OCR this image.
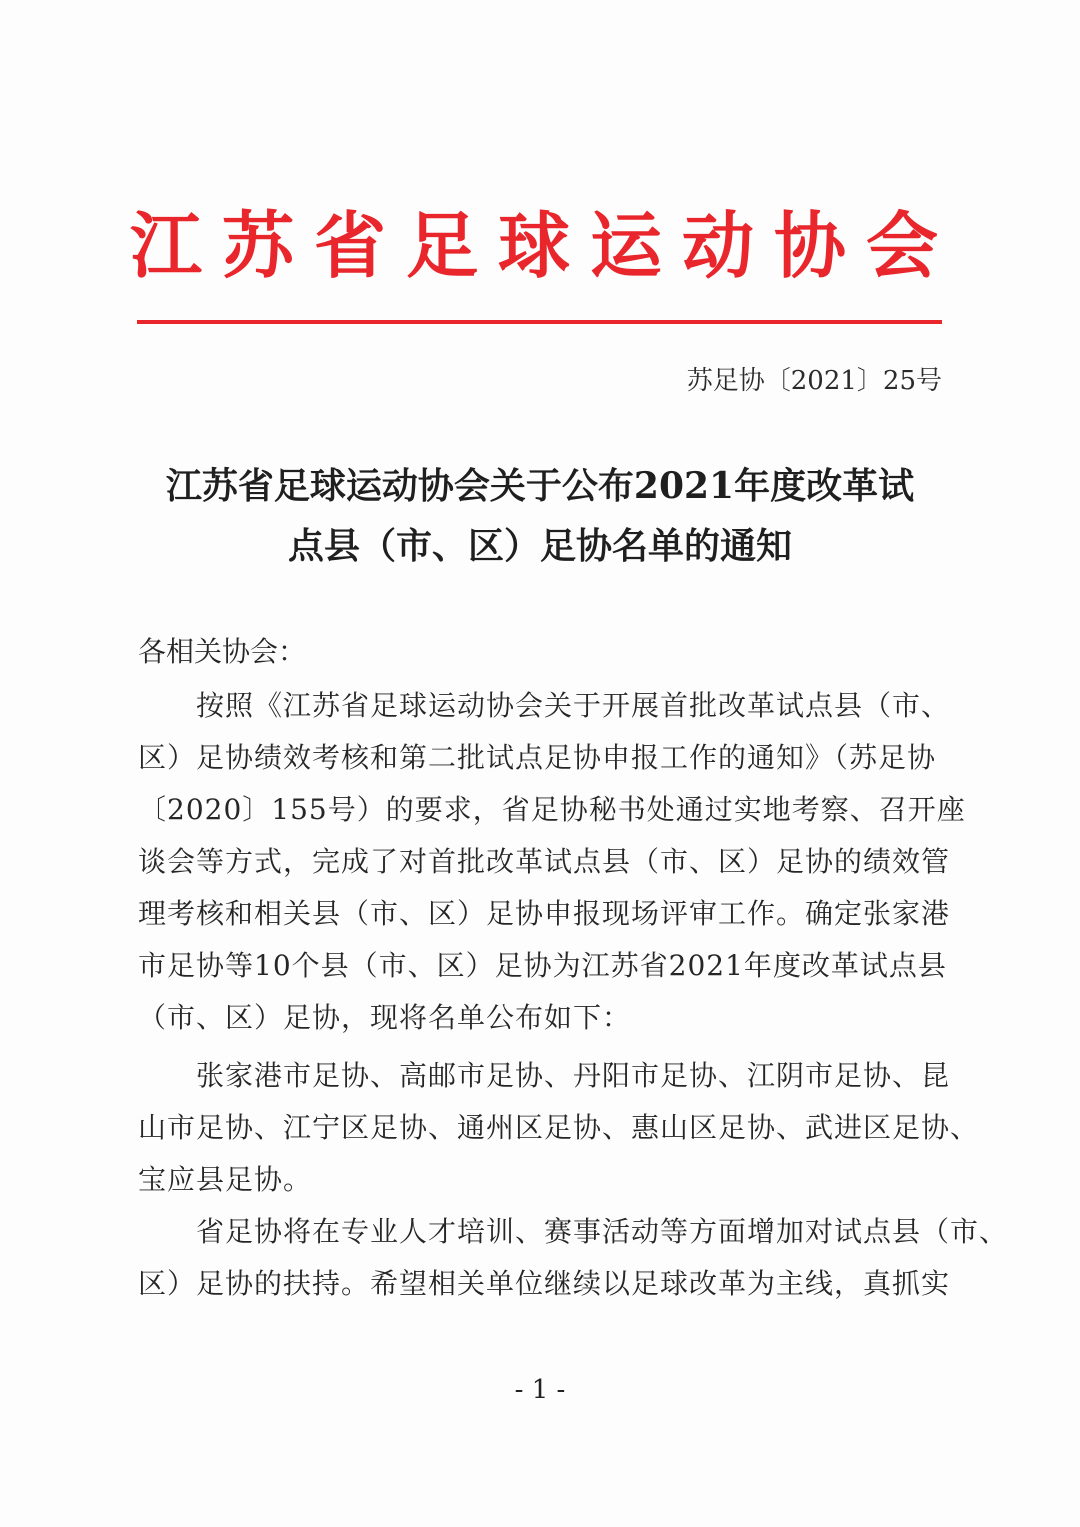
江苏省足球运动协会
苏足协〔2021〕25号
江苏省足球运动协会关于公布2021年度改革试
点县（市、区）足协名单的通知
各相关协会：
按照《江苏省足球运动协会关于开展首批改革试点县（市、
区）足协绩效考核和第二批试点足协申报工作的通知》（苏足协
〔2020〕155号）的要求，省足协秘书处通过实地考察、召开座
谈会等方式，完成了对首批改革试点县（市、区）足协的绩效管
理考核和相关县（市、区）足协申报现场评审工作。确定张家港
市足协等10个县（市、区）足协为江苏省2021年度改革试点县
（市、区）足协，现将名单公布如下：
张家港市足协、高邮市足协、丹阳市足协、江阴市足协、昆
山市足协、江宁区足协、通州区足协、惠山区足协、武进区足协、
宝应县足协。
省足协将在专业人才培训、赛事活动等方面增加对试点县（市、
区）足协的扶持。希望相关单位继续以足球改革为主线，真抓实
- 1 -
